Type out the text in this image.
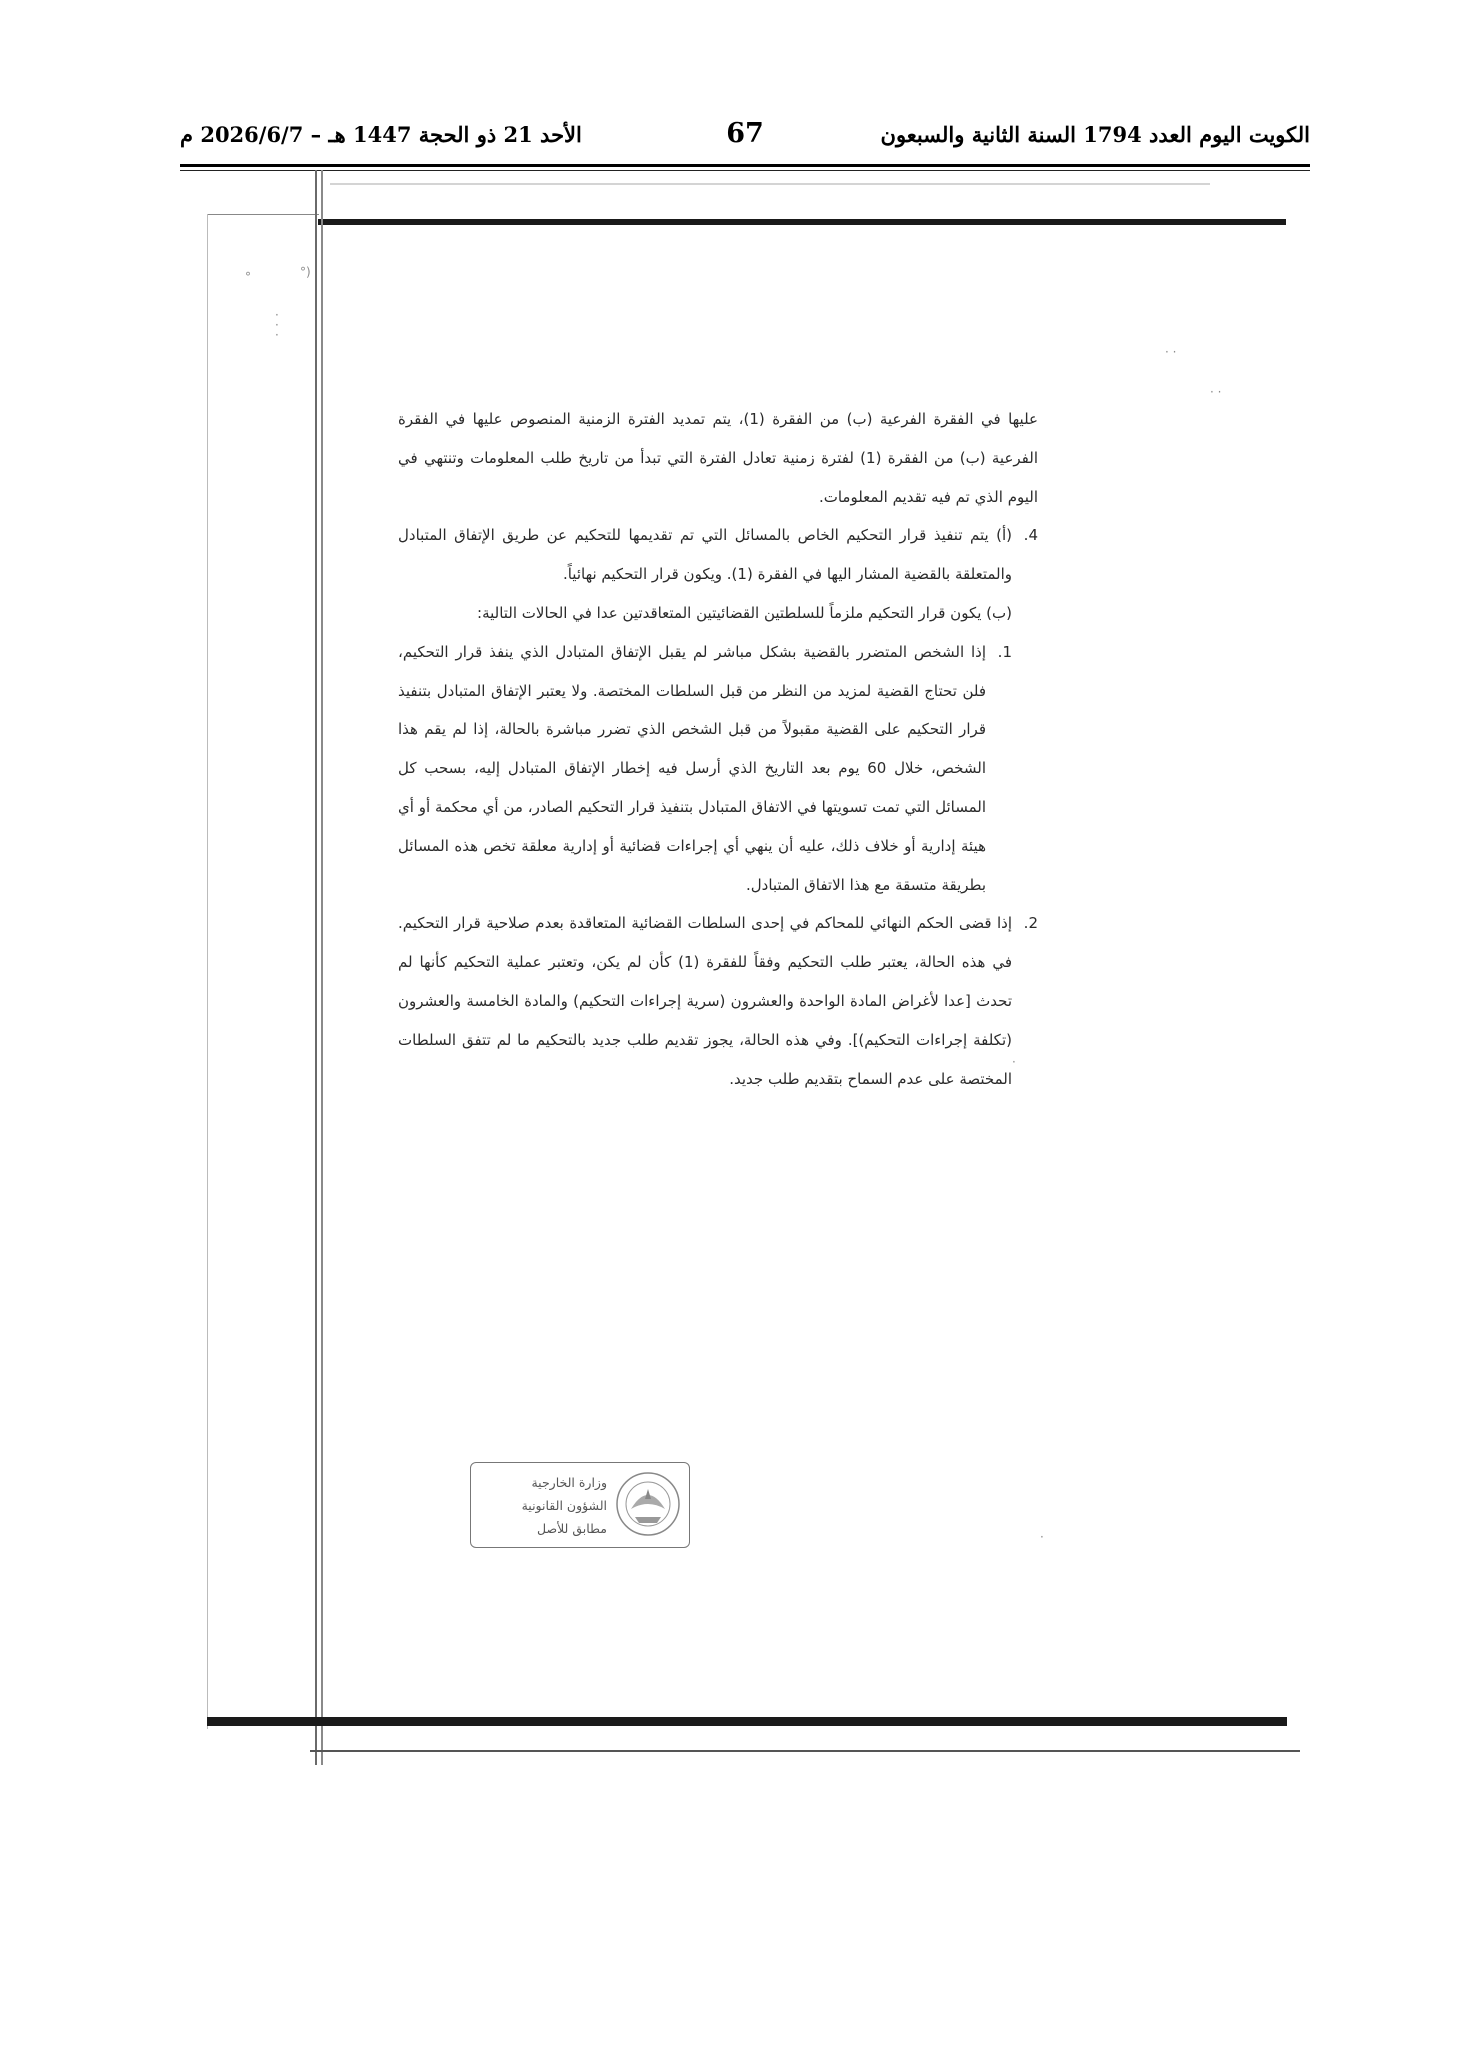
الكويت اليوم العدد 1794 السنة الثانية والسبعون
67
الأحد 21 ذو الحجة 1447 هـ – 2026/6/7 م
°	°)
·
·
·
· ·
· ·
·
·

عليها في الفقرة الفرعية (ب) من الفقرة (1)، يتم تمديد الفترة الزمنية المنصوص عليها في الفقرة الفرعية (ب) من الفقرة (1) لفترة زمنية تعادل الفترة التي تبدأ من تاريخ طلب المعلومات وتنتهي في اليوم الذي تم فيه تقديم المعلومات.

4.

(أ) يتم تنفيذ قرار التحكيم الخاص بالمسائل التي تم تقديمها للتحكيم عن طريق الإتفاق المتبادل والمتعلقة بالقضية المشار اليها في الفقرة (1). ويكون قرار التحكيم نهائياً.

(ب) يكون قرار التحكيم ملزماً للسلطتين القضائيتين المتعاقدتين عدا في الحالات التالية:

1.

إذا الشخص المتضرر بالقضية بشكل مباشر لم يقبل الإتفاق المتبادل الذي ينفذ قرار التحكيم، فلن تحتاج القضية لمزيد من النظر من قبل السلطات المختصة. ولا يعتبر الإتفاق المتبادل بتنفيذ قرار التحكيم على القضية مقبولاً من قبل الشخص الذي تضرر مباشرة بالحالة، إذا لم يقم هذا الشخص، خلال 60 يوم بعد التاريخ الذي أرسل فيه إخطار الإتفاق المتبادل إليه، بسحب كل المسائل التي تمت تسويتها في الاتفاق المتبادل بتنفيذ قرار التحكيم الصادر، من أي محكمة أو أي هيئة إدارية أو خلاف ذلك، عليه أن ينهي أي إجراءات قضائية أو إدارية معلقة تخص هذه المسائل بطريقة متسقة مع هذا الاتفاق المتبادل.

2.

إذا قضى الحكم النهائي للمحاكم في إحدى السلطات القضائية المتعاقدة بعدم صلاحية قرار التحكيم. في هذه الحالة، يعتبر طلب التحكيم وفقاً للفقرة (1) كأن لم يكن، وتعتبر عملية التحكيم كأنها لم تحدث [عدا لأغراض المادة الواحدة والعشرون (سرية إجراءات التحكيم) والمادة الخامسة والعشرون (تكلفة إجراءات التحكيم)]. وفي هذه الحالة، يجوز تقديم طلب جديد بالتحكيم ما لم تتفق السلطات المختصة على عدم السماح بتقديم طلب جديد.

وزارة الخارجية
الشؤون القانونية
مطابق للأصل
